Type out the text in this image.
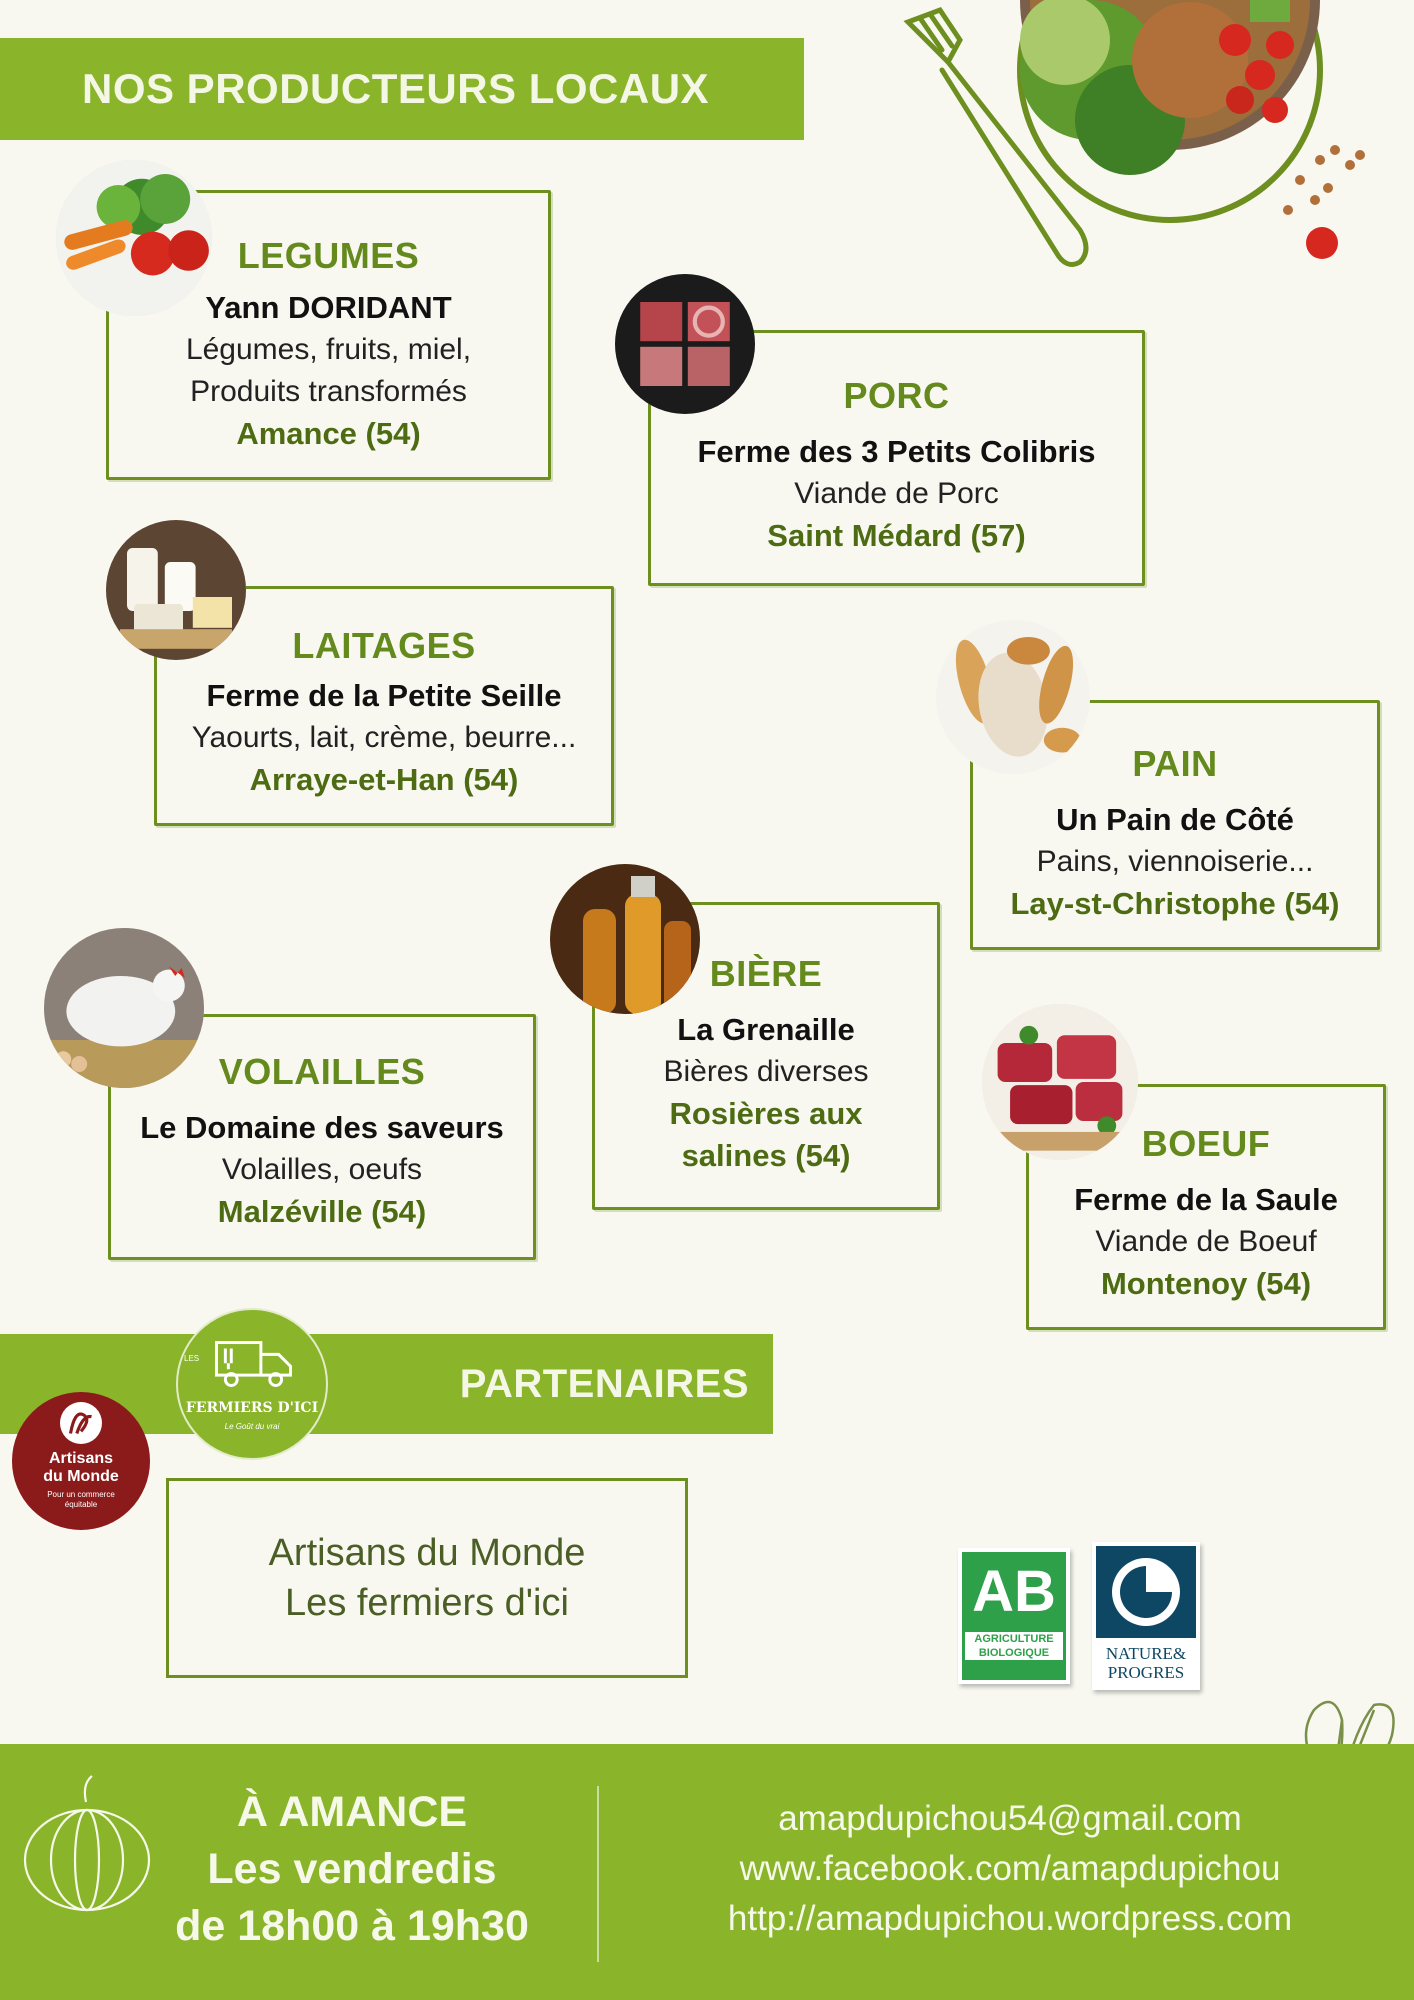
NOS PRODUCTEURS LOCAUX
LEGUMES
Yann DORIDANT
Légumes, fruits, miel,
Produits transformés
Amance (54)
PORC
Ferme des 3 Petits Colibris
Viande de Porc
Saint Médard (57)
LAITAGES
Ferme de la Petite Seille
Yaourts, lait, crème, beurre...
Arraye-et-Han (54)	PAIN
Un Pain de Côté
Pains, viennoiserie...
Lay-st-Christophe (54)
BIÈRE
La Grenaille
Bières diverses
Rosières aux
salines (54)
VOLAILLES
Le Domaine des saveurs
Volailles, oeufs
Malzéville (54)
BOEUF
Ferme de la Saule
Viande de Boeuf
Montenoy (54)
PARTENAIRES
LES
FERMIERS D'ICI
Le Goût du vrai
Artisans
du Monde
Pour un commerce
équitable
Artisans du Monde
Les fermiers d'ici	AB
AGRICULTURE
BIOLOGIQUE	NATURE&
PROGRES
À AMANCE
Les vendredis
de 18h00 à 19h30
amapdupichou54@gmail.com
www.facebook.com/amapdupichou
http://amapdupichou.wordpress.com
